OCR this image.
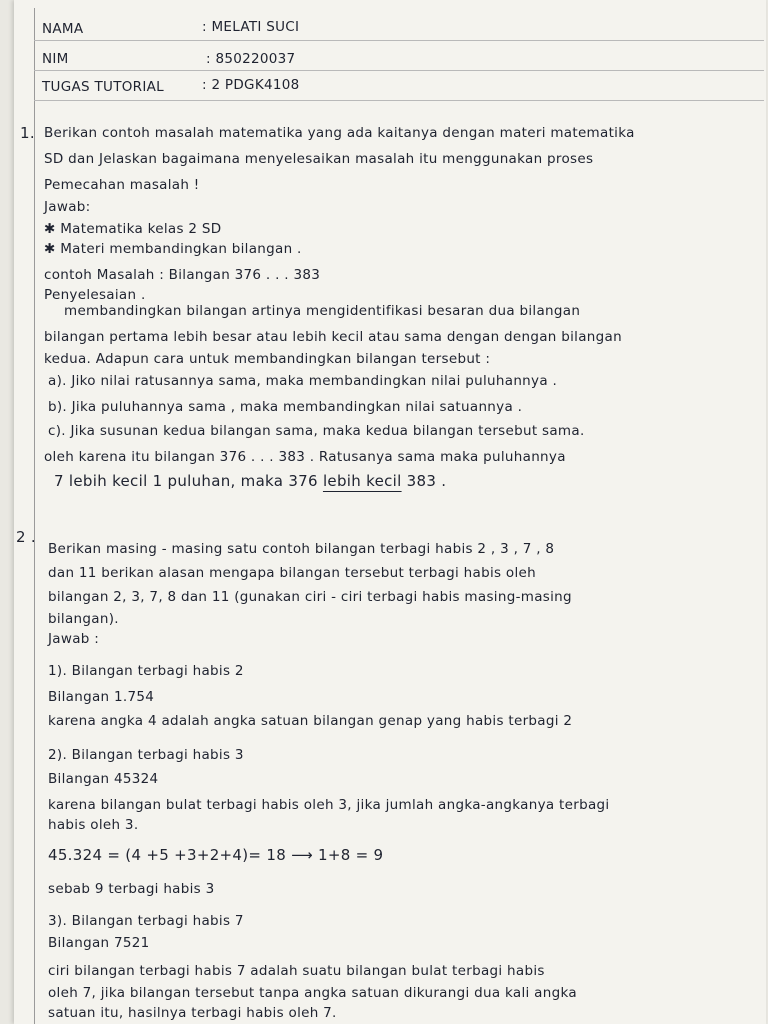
NAMA	: MELATI SUCI
NIM	: 850220037
TUGAS TUTORIAL	: 2 PDGK4108
1. Berikan contoh masalah matematika yang ada kaitanya dengan materi matematika
SD dan Jelaskan bagaimana menyelesaikan masalah itu menggunakan proses
Pemecahan masalah !
Jawab:
✱ Matematika kelas 2 SD
✱ Materi membandingkan bilangan .
contoh Masalah : Bilangan 376 . . . 383
Penyelesaian .
membandingkan bilangan artinya mengidentifikasi besaran dua bilangan
bilangan pertama lebih besar atau lebih kecil atau sama dengan dengan bilangan
kedua. Adapun cara untuk membandingkan bilangan tersebut :
a). Jiko nilai ratusannya sama, maka membandingkan nilai puluhannya .
b). Jika puluhannya sama , maka membandingkan nilai satuannya .
c). Jika susunan kedua bilangan sama, maka kedua bilangan tersebut sama.
oleh karena itu bilangan 376 . . . 383 . Ratusanya sama maka puluhannya
7 lebih kecil 1 puluhan, maka 376 lebih kecil 383 .
2 .
Berikan masing - masing satu contoh bilangan terbagi habis 2 , 3 , 7 , 8
dan 11 berikan alasan mengapa bilangan tersebut terbagi habis oleh
bilangan 2, 3, 7, 8 dan 11 (gunakan ciri - ciri terbagi habis masing-masing
bilangan).
Jawab :
1). Bilangan terbagi habis 2
Bilangan 1.754
karena angka 4 adalah angka satuan bilangan genap yang habis terbagi 2
2). Bilangan terbagi habis 3
Bilangan 45324
karena bilangan bulat terbagi habis oleh 3, jika jumlah angka-angkanya terbagi
habis oleh 3.
45.324 = (4 +5 +3+2+4)= 18 ⟶ 1+8 = 9
sebab 9 terbagi habis 3
3). Bilangan terbagi habis 7
Bilangan 7521
ciri bilangan terbagi habis 7 adalah suatu bilangan bulat terbagi habis
oleh 7, jika bilangan tersebut tanpa angka satuan dikurangi dua kali angka
satuan itu, hasilnya terbagi habis oleh 7.
